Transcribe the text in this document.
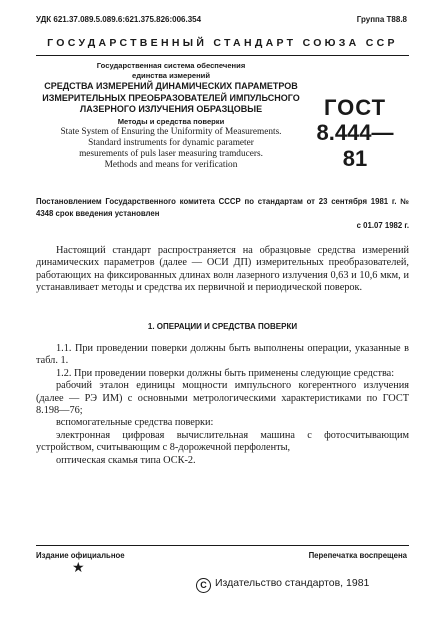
УДК 621.37.089.5.089.6:621.375.826:006.354	Группа Т88.8
ГОСУДАРСТВЕННЫЙ СТАНДАРТ СОЮЗА ССР
Государственная система обеспечения
единства измерений
СРЕДСТВА ИЗМЕРЕНИЙ ДИНАМИЧЕСКИХ ПАРАМЕТРОВ
ИЗМЕРИТЕЛЬНЫХ ПРЕОБРАЗОВАТЕЛЕЙ ИМПУЛЬСНОГО
ЛАЗЕРНОГО ИЗЛУЧЕНИЯ ОБРАЗЦОВЫЕ
Методы и средства поверки
State System of Ensuring the Uniformity of Measurements.
Standard instruments for dynamic parameter
mesurements of puls laser measuring tramducers.
Methods and means for verification
ГОСТ
8.444—81
Постановлением Государственного комитета СССР по стандартам от 23 сентября 1981 г. № 4348 срок введения установлен
с 01.07 1982 г.
Настоящий стандарт распространяется на образцовые средства измерений динамических параметров (далее — ОСИ ДП) измерительных преобразователей, работающих на фиксированных длинах волн лазерного излучения 0,63 и 10,6 мкм, и устанавливает методы и средства их первичной и периодической поверок.
1. ОПЕРАЦИИ И СРЕДСТВА ПОВЕРКИ
1.1. При проведении поверки должны быть выполнены операции, указанные в табл. 1.
1.2. При проведении поверки должны быть применены следующие средства:
рабочий эталон единицы мощности импульсного когерентного излучения (далее — РЭ ИМ) с основными метрологическими характеристиками по ГОСТ 8.198—76;
вспомогательные средства поверки:
электронная цифровая вычислительная машина с фотосчитывающим устройством, считывающим с 8-дорожечной перфоленты,
оптическая скамья типа ОСК-2.
Издание официальное	Перепечатка воспрещена
★
С Издательство стандартов, 1981
